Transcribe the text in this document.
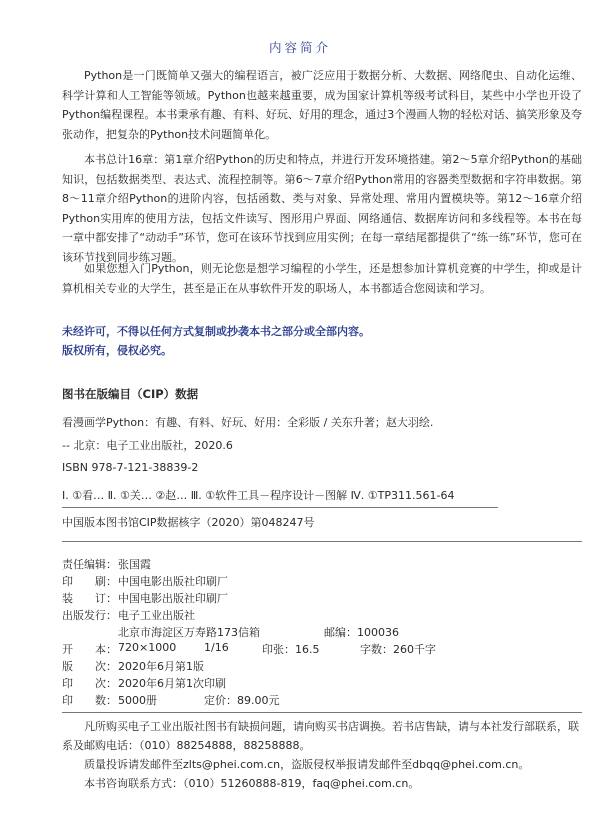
内容简介

Python是一门既简单又强大的编程语言，被广泛应用于数据分析、大数据、网络爬虫、自动化运维、科学计算和人工智能等领域。Python也越来越重要，成为国家计算机等级考试科目，某些中小学也开设了Python编程课程。本书秉承有趣、有料、好玩、好用的理念，通过3个漫画人物的轻松对话、搞笑形象及夸张动作，把复杂的Python技术问题简单化。

本书总计16章：第1章介绍Python的历史和特点，并进行开发环境搭建。第2～5章介绍Python的基础知识，包括数据类型、表达式、流程控制等。第6～7章介绍Python常用的容器类型数据和字符串数据。第8～11章介绍Python的进阶内容，包括函数、类与对象、异常处理、常用内置模块等。第12～16章介绍Python实用库的使用方法，包括文件读写、图形用户界面、网络通信、数据库访问和多线程等。本书在每一章中都安排了“动动手”环节，您可在该环节找到应用实例；在每一章结尾都提供了“练一练”环节，您可在该环节找到同步练习题。

如果您想入门Python，则无论您是想学习编程的小学生，还是想参加计算机竞赛的中学生，抑或是计算机相关专业的大学生，甚至是正在从事软件开发的职场人，本书都适合您阅读和学习。

未经许可，不得以任何方式复制或抄袭本书之部分或全部内容。
版权所有，侵权必究。
图书在版编目（CIP）数据
看漫画学Python：有趣、有料、好玩、好用：全彩版 / 关东升著；赵大羽绘.
-- 北京：电子工业出版社，2020.6
ISBN 978-7-121-38839-2
Ⅰ. ①看… Ⅱ. ①关… ②赵… Ⅲ. ①软件工具－程序设计－图解 Ⅳ. ①TP311.561-64
中国版本图书馆CIP数据核字（2020）第048247号
责任编辑： 张国霞
印　　刷： 中国电影出版社印刷厂
装　　订： 中国电影出版社印刷厂
出版发行： 电子工业出版社
北京市海淀区万寿路173信箱	邮编：100036
开　　本： 720×1000	1/16	印张：16.5	字数：260千字
版　　次： 2020年6月第1版
印　　次： 2020年6月第1次印刷
印　　数： 5000册	定价：89.00元

凡所购买电子工业出版社图书有缺损问题，请向购买书店调换。若书店售缺，请与本社发行部联系，联系及邮购电话：（010）88254888，88258888。

质量投诉请发邮件至zlts@phei.com.cn，盗版侵权举报请发邮件至dbqq@phei.com.cn。

本书咨询联系方式：（010）51260888-819，faq@phei.com.cn。
